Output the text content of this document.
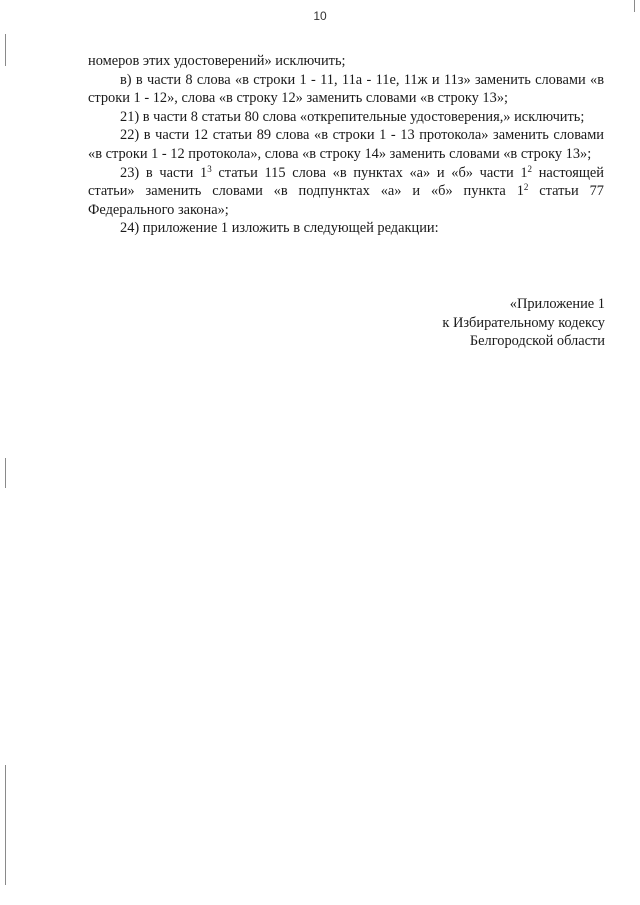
10

номеров этих удостоверений» исключить;

в) в части 8 слова «в строки 1 - 11, 11а - 11е, 11ж и 11з» заменить словами «в строки 1 - 12», слова «в строку 12» заменить словами «в строку 13»;

21) в части 8 статьи 80 слова «открепительные удостоверения,» исключить;

22) в части 12 статьи 89 слова «в строки 1 - 13 протокола» заменить словами «в строки 1 - 12 протокола», слова «в строку 14» заменить словами «в строку 13»;

23) в части $1^3$ статьи 115 слова «в пунктах «а» и «б» части $1^2$ настоящей статьи» заменить словами «в подпунктах «а» и «б» пункта $1^2$ статьи 77 Федерального закона»;

24) приложение 1 изложить в следующей редакции:

«Приложение 1
к Избирательному кодексу
Белгородской области
